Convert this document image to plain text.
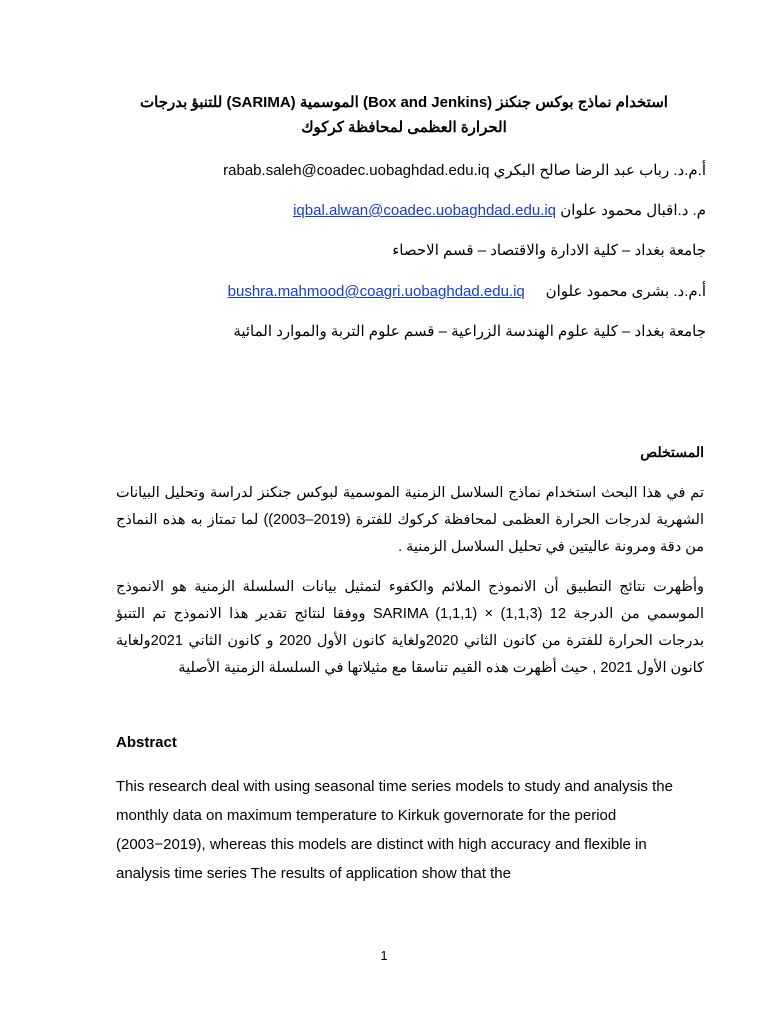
استخدام نماذج بوكس جنكنز (Box and Jenkins) الموسمية (SARIMA) للتنبؤ بدرجات
الحرارة العظمى لمحافظة كركوك
أ.م.د. رباب عبد الرضا صالح البكري rabab.saleh@coadec.uobaghdad.edu.iq
م. د.اقبال محمود علوان iqbal.alwan@coadec.uobaghdad.edu.iq
جامعة بغداد – كلية الادارة والاقتصاد – قسم الاحصاء
أ.م.د. بشرى محمود علوان     bushra.mahmood@coagri.uobaghdad.edu.iq
جامعة بغداد – كلية علوم الهندسة الزراعية – قسم علوم التربة والموارد المائية
المستخلص
تم في هذا البحث استخدام نماذج السلاسل الزمنية الموسمية لبوكس جنكنز لدراسة وتحليل البيانات الشهرية لدرجات الحرارة العظمى لمحافظة كركوك للفترة (2019–2003)) لما تمتاز به هذه النماذج من دقة ومرونة عاليتين في تحليل السلاسل الزمنية .
وأظهرت نتائج التطبيق أن الانموذج الملائم والكفوء لتمثيل بيانات السلسلة الزمنية هو الانموذج الموسمي من الدرجة SARIMA (1,1,1) × (1,1,3) 12 ووفقا لنتائج تقدير هذا الانموذج تم التنبؤ بدرجات الحرارة للفترة من كانون الثاني 2020ولغاية كانون الأول 2020 و كانون الثاني 2021ولغاية كانون الأول 2021 , حيث أظهرت هذه القيم تناسقا مع مثيلاتها في السلسلة الزمنية الأصلية
Abstract
This research deal with using seasonal time series models to study and analysis the monthly data on maximum temperature to Kirkuk governorate for the period (2003−2019), whereas this models are distinct with high accuracy and flexible in analysis time series The results of application show that the
1
